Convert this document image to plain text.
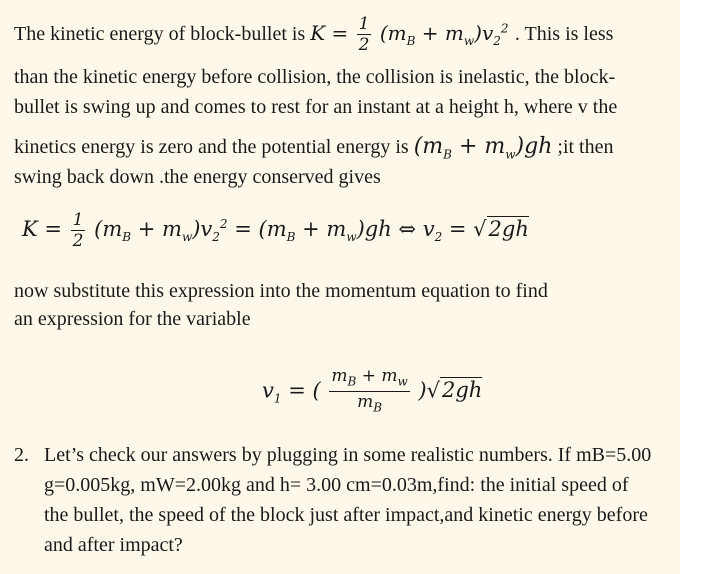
The kinetic energy of block-bullet is $K = \frac{1}{2} (m_B + m_w)v_2^2$ . This is less
than the kinetic energy before collision, the collision is inelastic, the block-
bullet is swing up and comes to rest for an instant at a height h, where v the
kinetics energy is zero and the potential energy is $(m_B + m_w)gh$ ;it then
swing back down .the energy conserved gives
$K = \frac{1}{2} (m_B + m_w)v_2^2 = (m_B + m_w)gh$ ⇔ $v_2 = √2gh$
now substitute this expression into the momentum equation to find
an expression for the variable
$v_1$ = ( $\frac{m_B + m_w}{m_B} )√2gh$
2. Let’s check our answers by plugging in some realistic numbers. If mB=5.00 g=0.005kg, mW=2.00kg and h= 3.00 cm=0.03m,find: the initial speed of the bullet, the speed of the block just after impact,and kinetic energy before and after impact?
